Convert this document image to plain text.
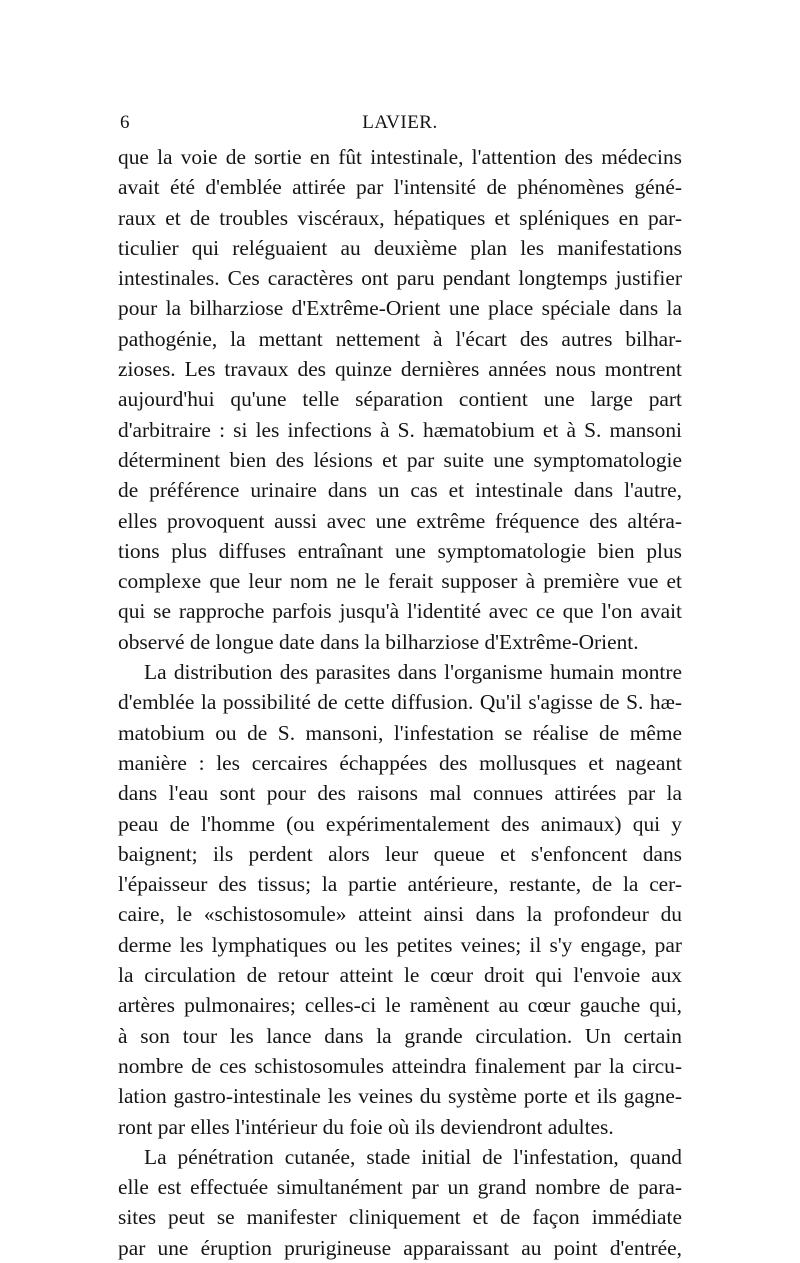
6	LAVIER.
que la voie de sortie en fût intestinale, l'attention des médecins
avait été d'emblée attirée par l'intensité de phénomènes géné-
raux et de troubles viscéraux, hépatiques et spléniques en par-
ticulier qui reléguaient au deuxième plan les manifestations
intestinales. Ces caractères ont paru pendant longtemps justifier
pour la bilharziose d'Extrême-Orient une place spéciale dans la
pathogénie, la mettant nettement à l'écart des autres bilhar-
zioses. Les travaux des quinze dernières années nous montrent
aujourd'hui qu'une telle séparation contient une large part
d'arbitraire : si les infections à S. hæmatobium et à S. mansoni
déterminent bien des lésions et par suite une symptomatologie
de préférence urinaire dans un cas et intestinale dans l'autre,
elles provoquent aussi avec une extrême fréquence des altéra-
tions plus diffuses entraînant une symptomatologie bien plus
complexe que leur nom ne le ferait supposer à première vue et
qui se rapproche parfois jusqu'à l'identité avec ce que l'on avait
observé de longue date dans la bilharziose d'Extrême-Orient.
La distribution des parasites dans l'organisme humain montre
d'emblée la possibilité de cette diffusion. Qu'il s'agisse de S. hæ-
matobium ou de S. mansoni, l'infestation se réalise de même
manière : les cercaires échappées des mollusques et nageant
dans l'eau sont pour des raisons mal connues attirées par la
peau de l'homme (ou expérimentalement des animaux) qui y
baignent; ils perdent alors leur queue et s'enfoncent dans
l'épaisseur des tissus; la partie antérieure, restante, de la cer-
caire, le «schistosomule» atteint ainsi dans la profondeur du
derme les lymphatiques ou les petites veines; il s'y engage, par
la circulation de retour atteint le cœur droit qui l'envoie aux
artères pulmonaires; celles-ci le ramènent au cœur gauche qui,
à son tour les lance dans la grande circulation. Un certain
nombre de ces schistosomules atteindra finalement par la circu-
lation gastro-intestinale les veines du système porte et ils gagne-
ront par elles l'intérieur du foie où ils deviendront adultes.
La pénétration cutanée, stade initial de l'infestation, quand
elle est effectuée simultanément par un grand nombre de para-
sites peut se manifester cliniquement et de façon immédiate
par une éruption prurigineuse apparaissant au point d'entrée,
